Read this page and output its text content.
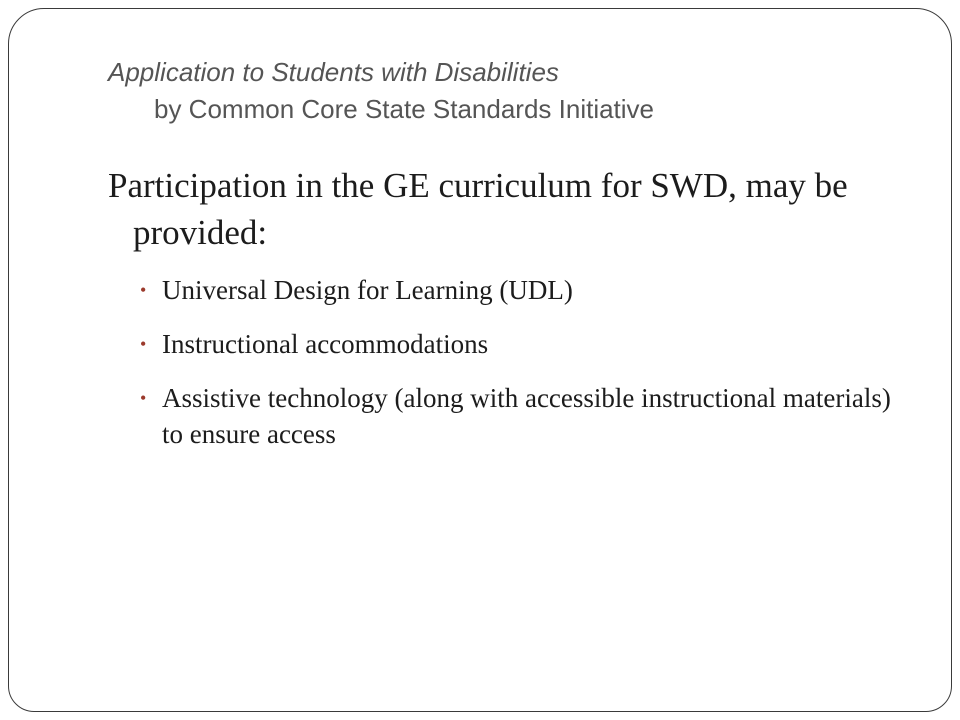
Application to Students with Disabilities
by Common Core State Standards Initiative

Participation in the GE curriculum for SWD, may be provided:

• Universal Design for Learning (UDL)
• Instructional accommodations
• Assistive technology (along with accessible instructional materials) to ensure access
